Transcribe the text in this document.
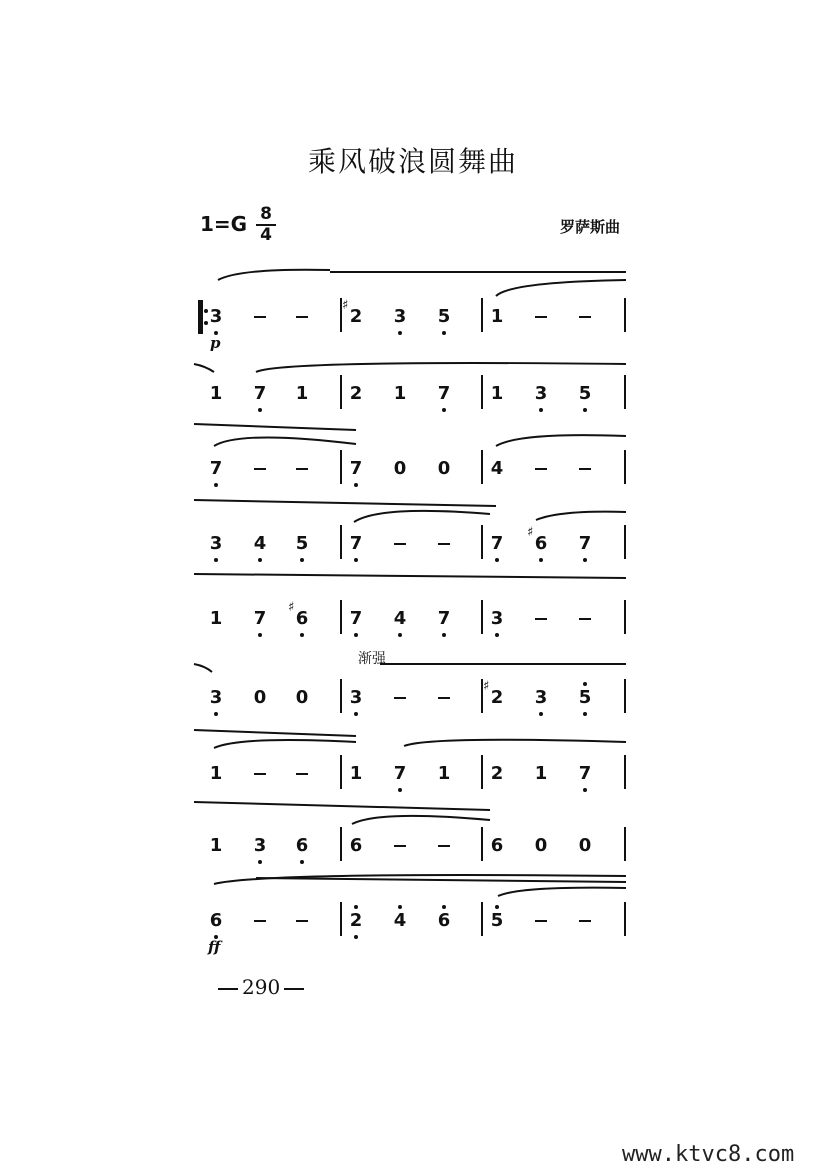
乘风破浪圆舞曲
1=G 8
4	罗萨斯曲
3
♯
2 3 5 1
1 7 1 2 1 7 1 3 5
7	7 0 0 4
3 4 5 7	7
♯
6 7
1 7
♯
6 7 4 7 3
3 0 0 3
♯
2 3 5
1	1 7 1 2 1 7
1 3 6 6	6 0 0
6	2 4 6 5
p
ff
渐强
290
www.ktvc8.com
